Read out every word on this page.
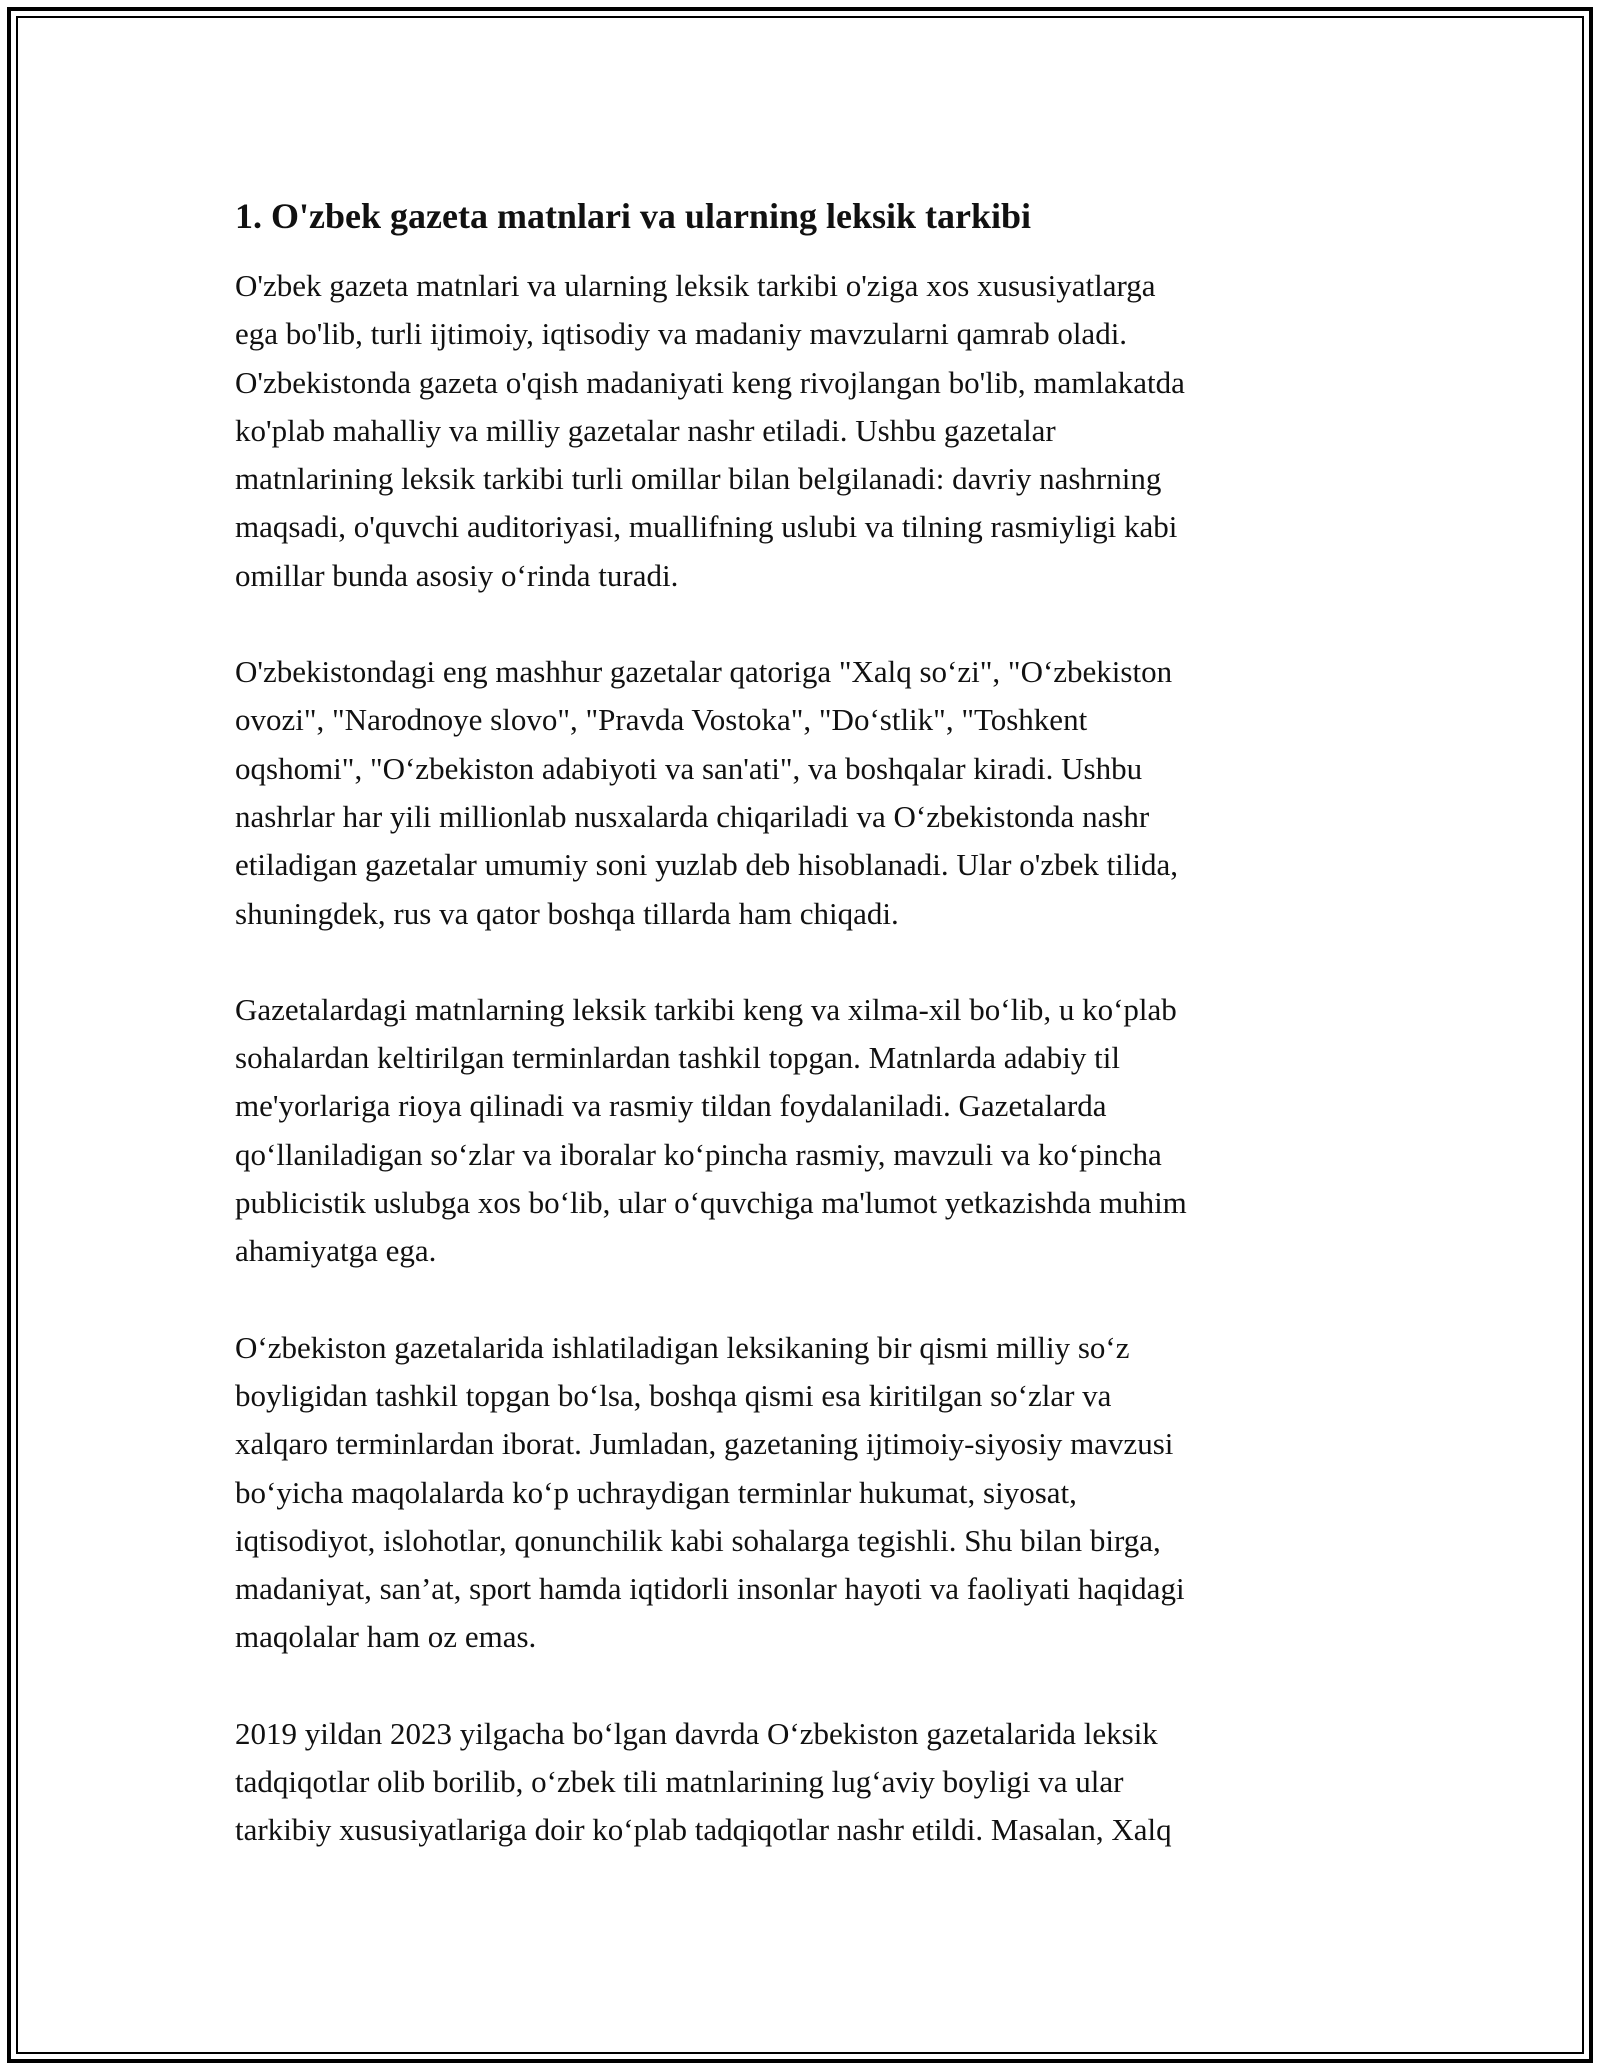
1. O'zbek gazeta matnlari va ularning leksik tarkibi

O'zbek gazeta matnlari va ularning leksik tarkibi o'ziga xos xususiyatlarga
ega bo'lib, turli ijtimoiy, iqtisodiy va madaniy mavzularni qamrab oladi.
O'zbekistonda gazeta o'qish madaniyati keng rivojlangan bo'lib, mamlakatda
ko'plab mahalliy va milliy gazetalar nashr etiladi. Ushbu gazetalar
matnlarining leksik tarkibi turli omillar bilan belgilanadi: davriy nashrning
maqsadi, o'quvchi auditoriyasi, muallifning uslubi va tilning rasmiyligi kabi
omillar bunda asosiy o‘rinda turadi.

O'zbekistondagi eng mashhur gazetalar qatoriga "Xalq so‘zi", "O‘zbekiston
ovozi", "Narodnoye slovo", "Pravda Vostoka", "Do‘stlik", "Toshkent
oqshomi", "O‘zbekiston adabiyoti va san'ati", va boshqalar kiradi. Ushbu
nashrlar har yili millionlab nusxalarda chiqariladi va O‘zbekistonda nashr
etiladigan gazetalar umumiy soni yuzlab deb hisoblanadi. Ular o'zbek tilida,
shuningdek, rus va qator boshqa tillarda ham chiqadi.

Gazetalardagi matnlarning leksik tarkibi keng va xilma-xil bo‘lib, u ko‘plab
sohalardan keltirilgan terminlardan tashkil topgan. Matnlarda adabiy til
me'yorlariga rioya qilinadi va rasmiy tildan foydalaniladi. Gazetalarda
qo‘llaniladigan so‘zlar va iboralar ko‘pincha rasmiy, mavzuli va ko‘pincha
publicistik uslubga xos bo‘lib, ular o‘quvchiga ma'lumot yetkazishda muhim
ahamiyatga ega.

O‘zbekiston gazetalarida ishlatiladigan leksikaning bir qismi milliy so‘z
boyligidan tashkil topgan bo‘lsa, boshqa qismi esa kiritilgan so‘zlar va
xalqaro terminlardan iborat. Jumladan, gazetaning ijtimoiy-siyosiy mavzusi
bo‘yicha maqolalarda ko‘p uchraydigan terminlar hukumat, siyosat,
iqtisodiyot, islohotlar, qonunchilik kabi sohalarga tegishli. Shu bilan birga,
madaniyat, san’at, sport hamda iqtidorli insonlar hayoti va faoliyati haqidagi
maqolalar ham oz emas.

2019 yildan 2023 yilgacha bo‘lgan davrda O‘zbekiston gazetalarida leksik
tadqiqotlar olib borilib, o‘zbek tili matnlarining lug‘aviy boyligi va ular
tarkibiy xususiyatlariga doir ko‘plab tadqiqotlar nashr etildi. Masalan, Xalq
